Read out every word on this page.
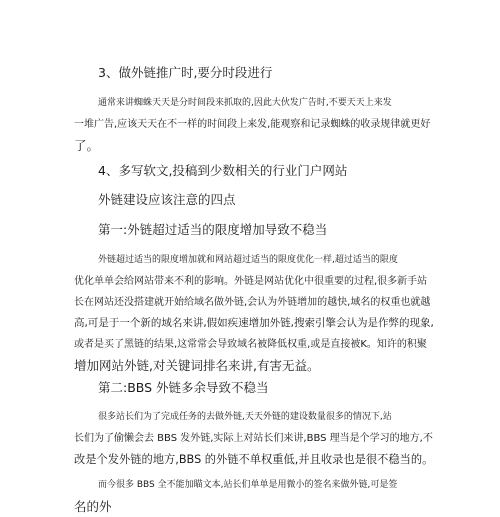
3、做外链推广时,要分时段进行

通常来讲蜘蛛天天是分时间段来抓取的,因此大伙发广告时,不要天天上来发
一堆广告,应该天天在不一样的时间段上来发,能观察和记录蜘蛛的收录规律就更好
了。

4、多写软文,投稿到少数相关的行业门户网站

外链建设应该注意的四点

第一:外链超过适当的限度增加导致不稳当

外链超过适当的限度增加就和网站超过适当的限度优化一样,超过适当的限度
优化单单会给网站带来不利的影响。外链是网站优化中很重要的过程,很多新手站
长在网站还没搭建就开始给域名做外链,会认为外链增加的越快,域名的权重也就越
高,可是于一个新的域名来讲,假如疾速增加外链,搜索引擎会认为是作弊的现象,
或者是买了黑链的结果,这常常会导致域名被降低权重,或是直接被K。知许的积聚
增加网站外链,对关键词排名来讲,有害无益。

第二:BBS 外链多余导致不稳当

很多站长们为了完成任务的去做外链,天天外链的建设数量很多的情况下,站
长们为了偷懒会去 BBS 发外链,实际上对站长们来讲,BBS 理当是个学习的地方,不
改是个发外链的地方,BBS 的外链不单权重低,并且收录也是很不稳当的。

而今很多 BBS 全不能加瞄文本,站长们单单是用微小的签名来做外链,可是签
名的外
